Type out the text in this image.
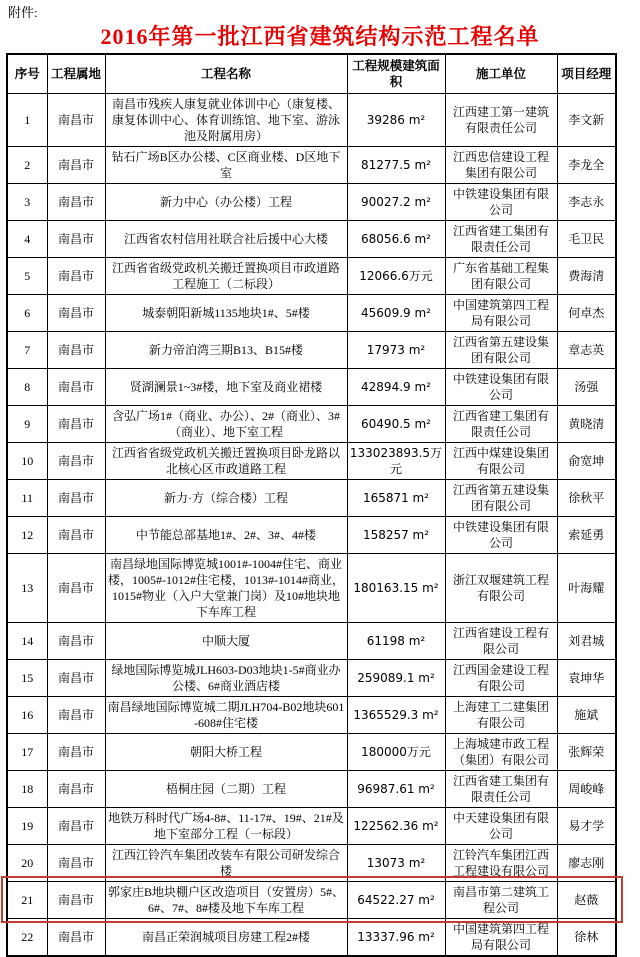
附件:
2016年第一批江西省建筑结构示范工程名单
序号	工程属地	工程名称	工程规模建筑面积	施工单位	项目经理
1	南昌市	南昌市残疾人康复就业体训中心（康复楼、康复体训中心、体育训练馆、地下室、游泳池及附属用房）	39286 m²	江西建工第一建筑有限责任公司	李文新
2	南昌市	钻石广场B区办公楼、C区商业楼、D区地下室	81277.5 m²	江西忠信建设工程集团有限公司	李龙全
3	南昌市	新力中心（办公楼）工程	90027.2 m²	中铁建设集团有限公司	李志永
4	南昌市	江西省农村信用社联合社后援中心大楼	68056.6 m²	江西省建工集团有限责任公司	毛卫民
5	南昌市	江西省省级党政机关搬迁置换项目市政道路工程施工（二标段）	12066.6万元	广东省基础工程集团有限公司	费海清
6	南昌市	城泰朝阳新城1135地块1#、5#楼	45609.9 m²	中国建筑第四工程局有限公司	何卓杰
7	南昌市	新力帝泊湾三期B13、B15#楼	17973 m²	江西省第五建设集团有限公司	章志英
8	南昌市	贤湖澜景1~3#楼，地下室及商业裙楼	42894.9 m²	中铁建设集团有限公司	汤强
9	南昌市	含弘广场1#（商业、办公）、2#（商业）、3#（商业）、地下室工程	60490.5 m²	江西省建工集团有限责任公司	黄晓清
10	南昌市	江西省省级党政机关搬迁置换项目卧龙路以北核心区市政道路工程	133023893.5万元	江西中煤建设集团有限公司	俞宽坤
11	南昌市	新力·方（综合楼）工程	165871 m²	江西省第五建设集团有限公司	徐秋平
12	南昌市	中节能总部基地1#、2#、3#、4#楼	158257 m²	中铁建设集团有限公司	索延勇
13	南昌市	南昌绿地国际博览城1001#-1004#住宅、商业楼，1005#-1012#住宅楼，1013#-1014#商业，1015#物业（入户大堂兼门岗）及10#地块地下车库工程	180163.15 m²	浙江双堰建筑工程有限公司	叶海耀
14	南昌市	中顺大厦	61198 m²	江西省建设工程有限公司	刘君城
15	南昌市	绿地国际博览城JLH603-D03地块1-5#商业办公楼、6#商业酒店楼	259089.1 m²	江西国金建设工程有限公司	袁坤华
16	南昌市	南昌绿地国际博览城二期JLH704-B02地块601-608#住宅楼	1365529.3 m²	上海建工二建集团有限公司	施斌
17	南昌市	朝阳大桥工程	180000万元	上海城建市政工程（集团）有限公司	张辉荣
18	南昌市	梧桐庄园（二期）工程	96987.61 m²	江西省建工集团有限责任公司	周峻峰
19	南昌市	地铁万科时代广场4-8#、11-17#、19#、21#及地下室部分工程（一标段）	122562.36 m²	中天建设集团有限公司	易才学
20	南昌市	江西江铃汽车集团改装车有限公司研发综合楼	13073 m²	江铃汽车集团江西工程建设有限公司	廖志刚
21	南昌市	郭家庄B地块棚户区改造项目（安置房）5#、6#、7#、8#楼及地下车库工程	64522.27 m²	南昌市第二建筑工程公司	赵薇
22	南昌市	南昌正荣润城项目房建工程2#楼	13337.96 m²	中国建筑第四工程局有限公司	徐林
